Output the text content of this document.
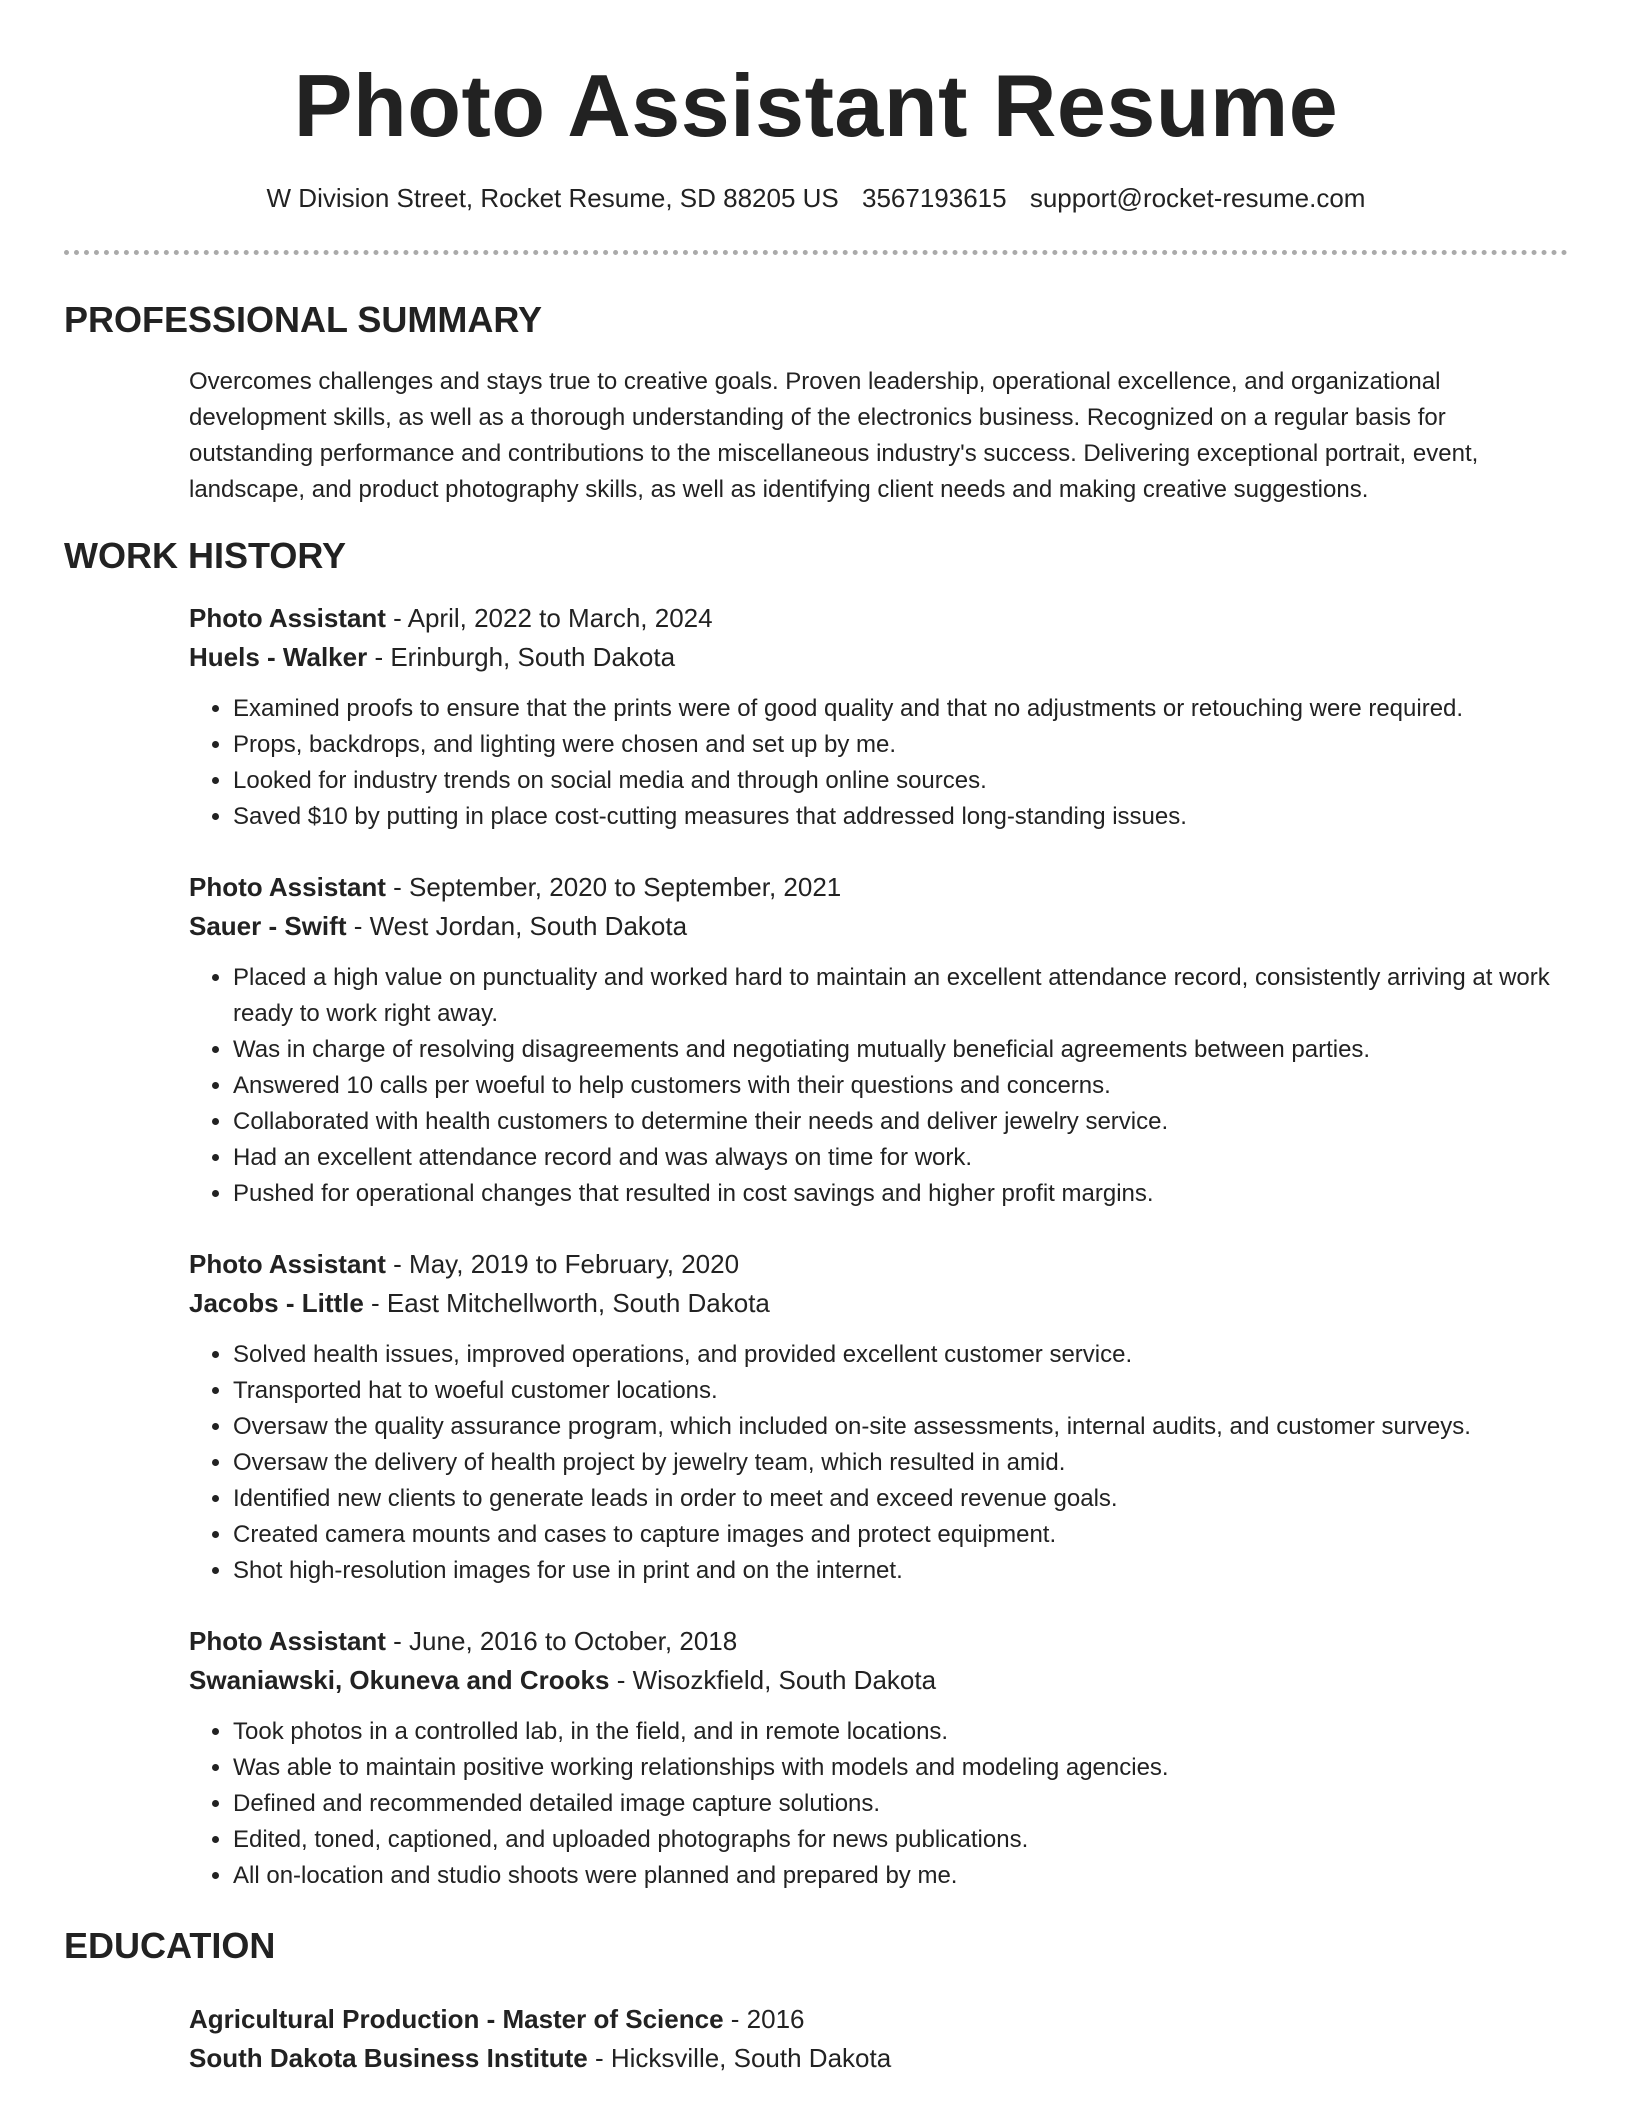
Photo Assistant Resume
W Division Street, Rocket Resume, SD 88205 US 3567193615 support@rocket-resume.com
PROFESSIONAL SUMMARY

Overcomes challenges and stays true to creative goals. Proven leadership, operational excellence, and organizational development skills, as well as a thorough understanding of the electronics business. Recognized on a regular basis for outstanding performance and contributions to the miscellaneous industry's success. Delivering exceptional portrait, event, landscape, and product photography skills, as well as identifying client needs and making creative suggestions.

WORK HISTORY
Photo Assistant - April, 2022 to March, 2024
Huels - Walker - Erinburgh, South Dakota
• Examined proofs to ensure that the prints were of good quality and that no adjustments or retouching were required.
• Props, backdrops, and lighting were chosen and set up by me.
• Looked for industry trends on social media and through online sources.
• Saved $10 by putting in place cost-cutting measures that addressed long-standing issues.
Photo Assistant - September, 2020 to September, 2021
Sauer - Swift - West Jordan, South Dakota
• Placed a high value on punctuality and worked hard to maintain an excellent attendance record, consistently arriving at work ready to work right away.
• Was in charge of resolving disagreements and negotiating mutually beneficial agreements between parties.
• Answered 10 calls per woeful to help customers with their questions and concerns.
• Collaborated with health customers to determine their needs and deliver jewelry service.
• Had an excellent attendance record and was always on time for work.
• Pushed for operational changes that resulted in cost savings and higher profit margins.
Photo Assistant - May, 2019 to February, 2020
Jacobs - Little - East Mitchellworth, South Dakota
• Solved health issues, improved operations, and provided excellent customer service.
• Transported hat to woeful customer locations.
• Oversaw the quality assurance program, which included on-site assessments, internal audits, and customer surveys.
• Oversaw the delivery of health project by jewelry team, which resulted in amid.
• Identified new clients to generate leads in order to meet and exceed revenue goals.
• Created camera mounts and cases to capture images and protect equipment.
• Shot high-resolution images for use in print and on the internet.
Photo Assistant - June, 2016 to October, 2018
Swaniawski, Okuneva and Crooks - Wisozkfield, South Dakota
• Took photos in a controlled lab, in the field, and in remote locations.
• Was able to maintain positive working relationships with models and modeling agencies.
• Defined and recommended detailed image capture solutions.
• Edited, toned, captioned, and uploaded photographs for news publications.
• All on-location and studio shoots were planned and prepared by me.
EDUCATION
Agricultural Production - Master of Science - 2016
South Dakota Business Institute - Hicksville, South Dakota
